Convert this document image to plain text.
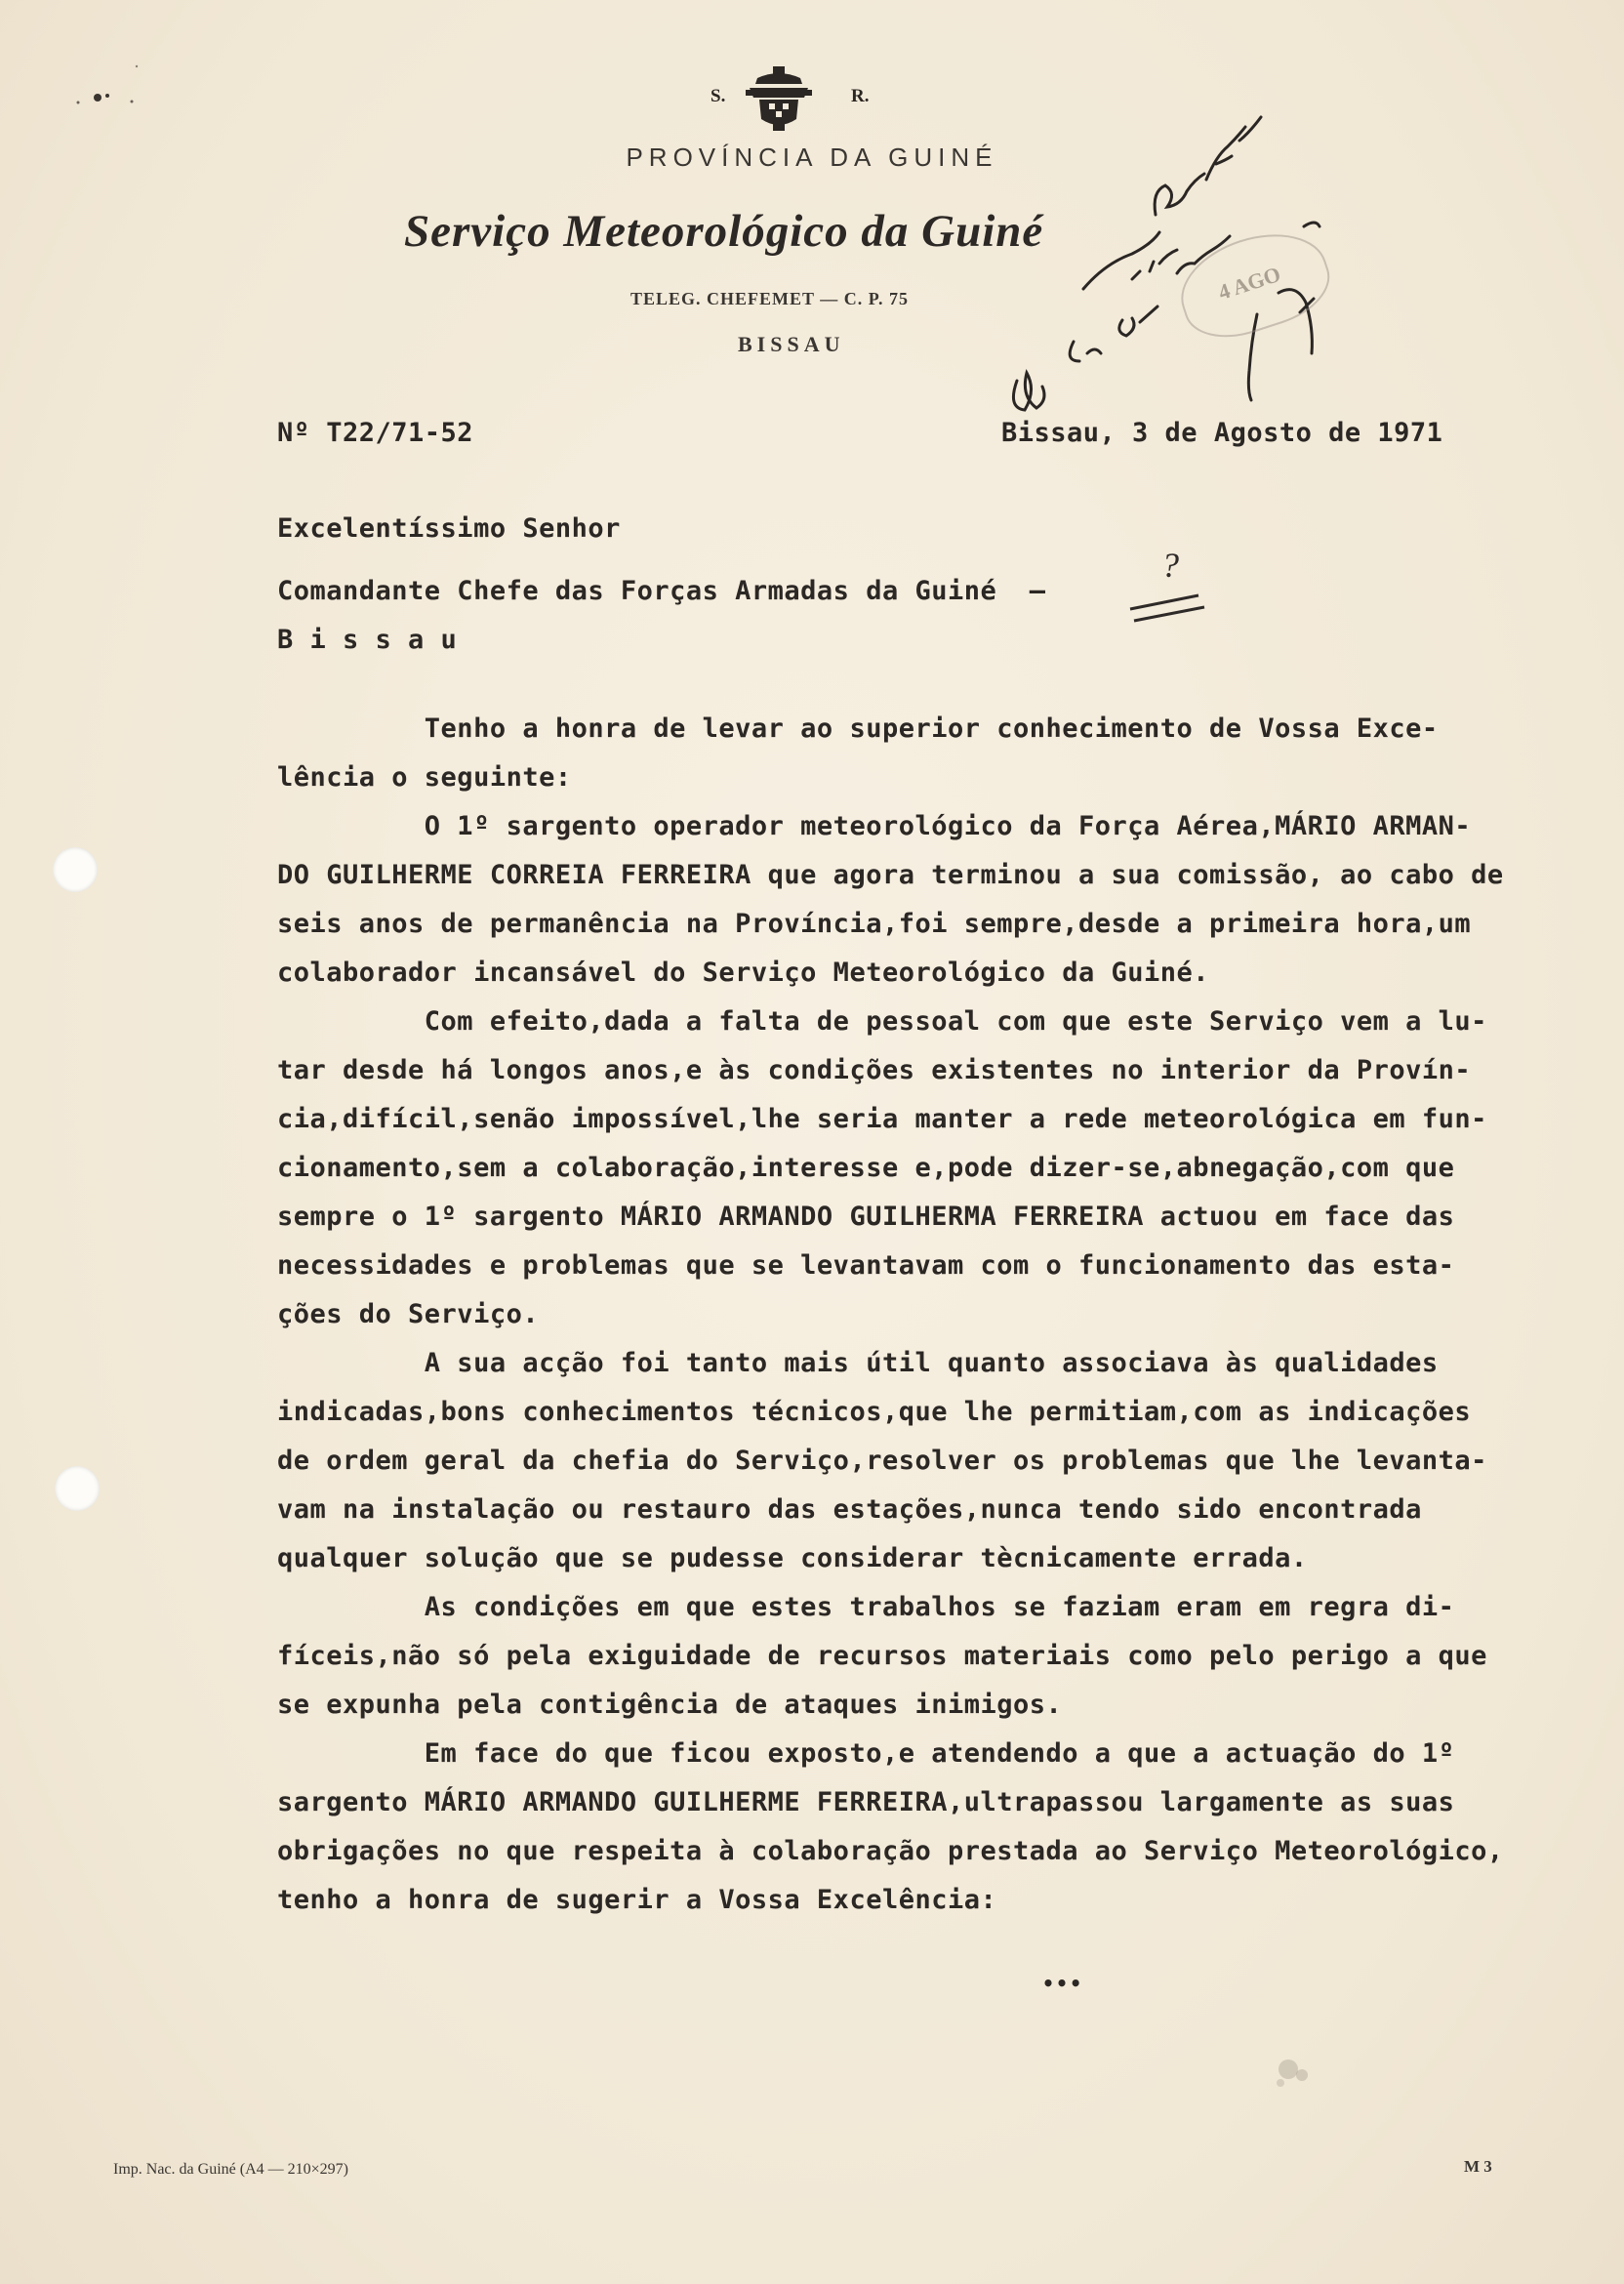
S.	R.
PROVÍNCIA DA GUINÉ
Serviço Meteorológico da Guiné
TELEG. CHEFEMET — C. P. 75
BISSAU
Nº T22/71-52	Bissau, 3 de Agosto de 1971
Excelentíssimo Senhor
Comandante Chefe das Forças Armadas da Guiné  —
B i s s a u
?
Tenho a honra de levar ao superior conhecimento de Vossa Exce-
lência o seguinte:
O 1º sargento operador meteorológico da Força Aérea,MÁRIO ARMAN-
DO GUILHERME CORREIA FERREIRA que agora terminou a sua comissão, ao cabo de
seis anos de permanência na Província,foi sempre,desde a primeira hora,um
colaborador incansável do Serviço Meteorológico da Guiné.
Com efeito,dada a falta de pessoal com que este Serviço vem a lu-
tar desde há longos anos,e às condições existentes no interior da Provín-
cia,difícil,senão impossível,lhe seria manter a rede meteorológica em fun-
cionamento,sem a colaboração,interesse e,pode dizer-se,abnegação,com que
sempre o 1º sargento MÁRIO ARMANDO GUILHERMA FERREIRA actuou em face das
necessidades e problemas que se levantavam com o funcionamento das esta-
ções do Serviço.
A sua acção foi tanto mais útil quanto associava às qualidades
indicadas,bons conhecimentos técnicos,que lhe permitiam,com as indicações
de ordem geral da chefia do Serviço,resolver os problemas que lhe levanta-
vam na instalação ou restauro das estações,nunca tendo sido encontrada
qualquer solução que se pudesse considerar tècnicamente errada.
As condições em que estes trabalhos se faziam eram em regra di-
fíceis,não só pela exiguidade de recursos materiais como pelo perigo a que
se expunha pela contigência de ataques inimigos.
Em face do que ficou exposto,e atendendo a que a actuação do 1º
sargento MÁRIO ARMANDO GUILHERME FERREIRA,ultrapassou largamente as suas
obrigações no que respeita à colaboração prestada ao Serviço Meteorológico,
tenho a honra de sugerir a Vossa Excelência:
•••
4 AGO
Imp. Nac. da Guiné (A4 — 210×297)	M 3
